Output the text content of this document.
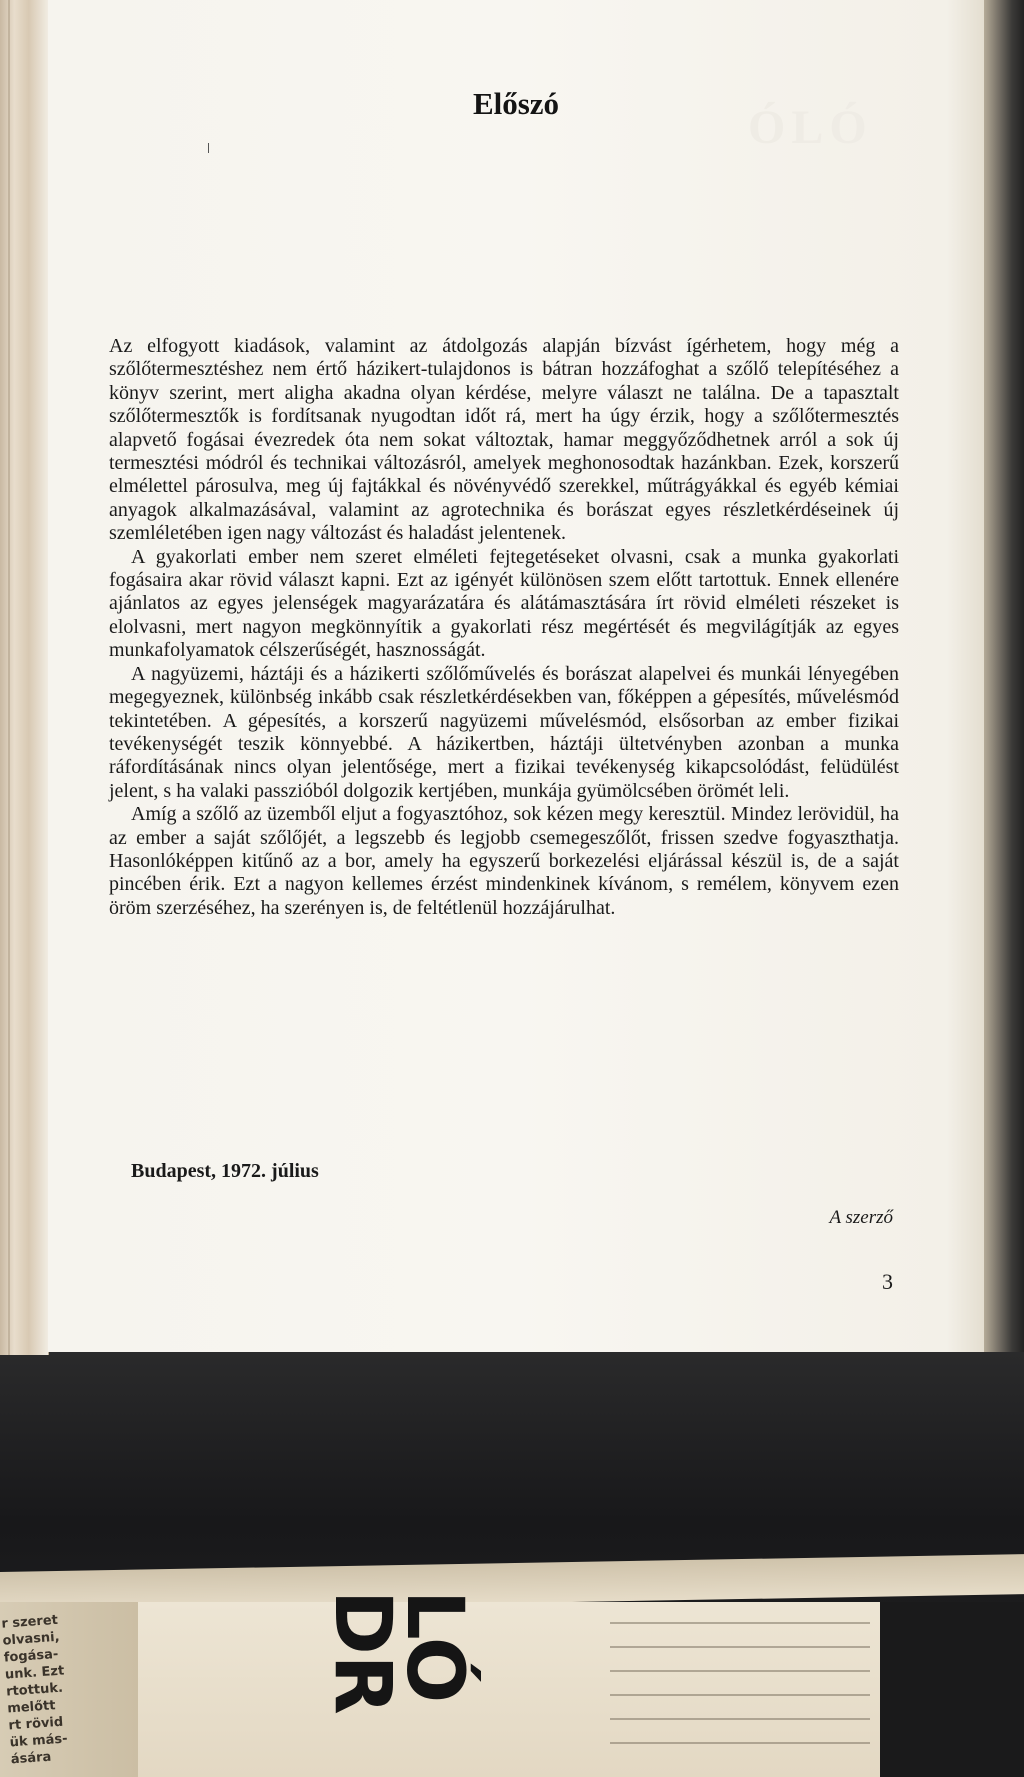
ÓLÓ
Előszó

Az elfogyott kiadások, valamint az átdolgozás alapján bízvást ígérhetem, hogy még a szőlőtermesztéshez nem értő házikert-tulajdonos is bátran hozzáfoghat a szőlő telepítéséhez a könyv szerint, mert aligha akadna olyan kérdése, melyre választ ne találna. De a tapasztalt szőlőtermesztők is fordítsanak nyugodtan időt rá, mert ha úgy érzik, hogy a szőlőtermesztés alapvető fogásai évezredek óta nem sokat változtak, hamar meggyőződhetnek arról a sok új termesztési módról és technikai változásról, amelyek meghonosodtak hazánkban. Ezek, korszerű elmélettel párosulva, meg új fajtákkal és növényvédő szerekkel, műtrágyákkal és egyéb kémiai anyagok alkalmazásával, valamint az agrotechnika és borászat egyes részletkérdéseinek új szemléletében igen nagy változást és haladást jelentenek.

A gyakorlati ember nem szeret elméleti fejtegetéseket olvasni, csak a munka gyakorlati fogásaira akar rövid választ kapni. Ezt az igényét különösen szem előtt tartottuk. Ennek ellenére ajánlatos az egyes jelenségek magyarázatára és alátámasztására írt rövid elméleti részeket is elolvasni, mert nagyon megkönnyítik a gyakorlati rész megértését és megvilágítják az egyes munkafolyamatok célszerűségét, hasznosságát.

A nagyüzemi, háztáji és a házikerti szőlőművelés és borászat alapelvei és munkái lényegében megegyeznek, különbség inkább csak részletkérdésekben van, főképpen a gépesítés, művelésmód tekintetében. A gépesítés, a korszerű nagyüzemi művelésmód, elsősorban az ember fizikai tevékenységét teszik könnyebbé. A házikertben, háztáji ültetvényben azonban a munka ráfordításának nincs olyan jelentősége, mert a fizikai tevékenység kikapcsolódást, felüdülést jelent, s ha valaki passzióból dolgozik kertjében, munkája gyümölcsében örömét leli.

Amíg a szőlő az üzemből eljut a fogyasztóhoz, sok kézen megy keresztül. Mindez lerövidül, ha az ember a saját szőlőjét, a legszebb és legjobb csemegeszőlőt, frissen szedve fogyaszthatja. Hasonlóképpen kitűnő az a bor, amely ha egyszerű borkezelési eljárással készül is, de a saját pincében érik. Ezt a nagyon kellemes érzést mindenkinek kívánom, s remélem, könyvem ezen öröm szerzéséhez, ha szerényen is, de feltétlenül hozzájárulhat.

Budapest, 1972. július

A szerző

3

r szeret
olvasni,
fogása-
unk. Ezt
rtottuk.
melőtt
rt rövid
ük más-
ására
LÓ
DR
